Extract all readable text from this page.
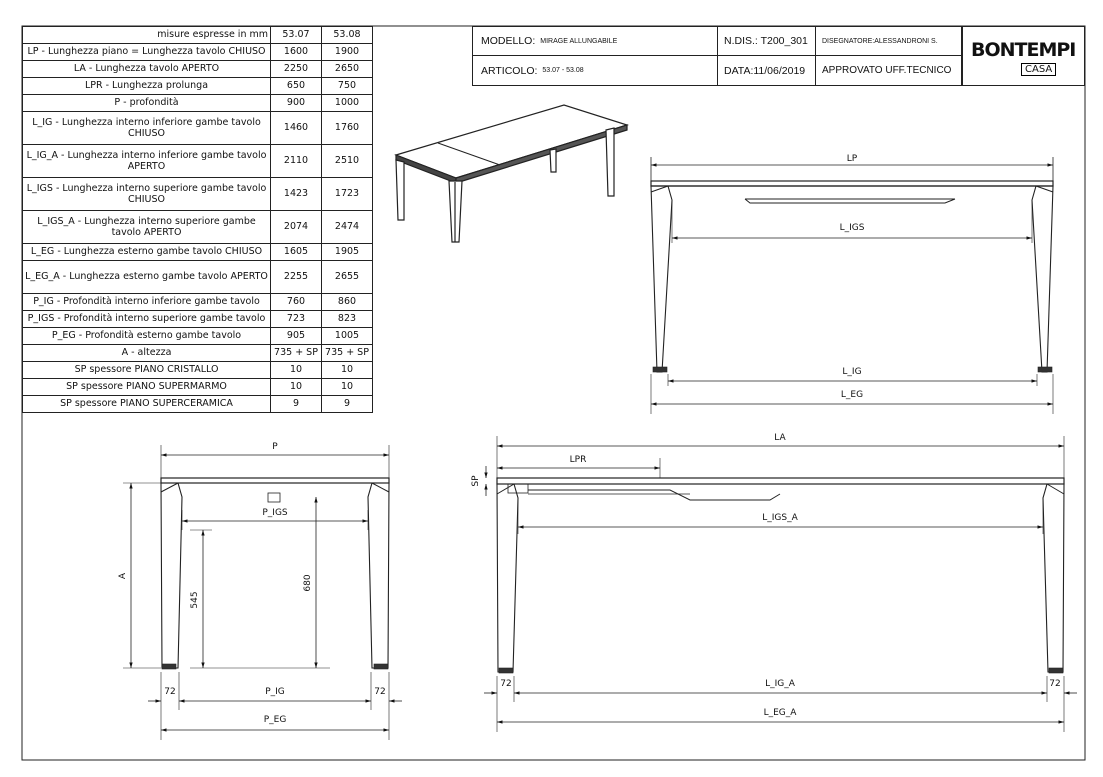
LP
L_IGS
L_IG
L_EG
P
P_IGS
A
545
680
72	P_IG	72
P_EG
LA
LPR
SP
L_IGS_A
72	L_IG_A	72
L_EG_A
misure espresse in mm	53.07	53.08
LP - Lunghezza piano = Lunghezza tavolo CHIUSO	1600	1900
LA - Lunghezza tavolo APERTO	2250	2650
LPR - Lunghezza prolunga	650	750
P - profondità	900	1000
L_IG - Lunghezza interno inferiore gambe tavolo CHIUSO	1460	1760
L_IG_A - Lunghezza interno inferiore gambe tavolo APERTO	2110	2510
L_IGS - Lunghezza interno superiore gambe tavolo CHIUSO	1423	1723
L_IGS_A - Lunghezza interno superiore gambe tavolo APERTO	2074	2474
L_EG - Lunghezza esterno gambe tavolo CHIUSO	1605	1905
L_EG_A - Lunghezza esterno gambe tavolo APERTO	2255	2655
P_IG - Profondità interno inferiore gambe tavolo	760	860
P_IGS - Profondità interno superiore gambe tavolo	723	823
P_EG - Profondità esterno gambe tavolo	905	1005
A - altezza	735 + SP	735 + SP
SP spessore PIANO CRISTALLO	10	10
SP spessore PIANO SUPERMARMO	10	10
SP spessore PIANO SUPERCERAMICA	9	9
MODELLO: MIRAGE ALLUNGABILE
ARTICOLO: 53.07 - 53.08
N.DIS.: T200_301
DATA:11/06/2019
DISEGNATORE:ALESSANDRONI S.
APPROVATO UFF.TECNICO
BONTEMPI
CASA
